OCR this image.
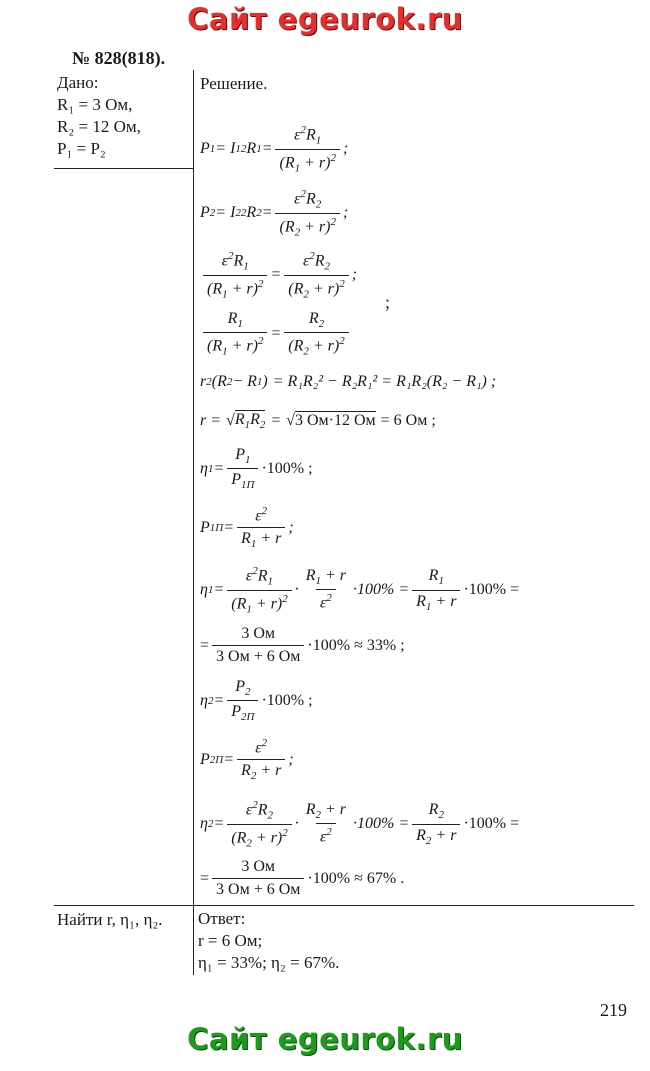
Сайт egeurok.ru
№ 828(818).
Дано:
R₁ = 3 Ом,
R₂ = 12 Ом,
P₁ = P₂
Решение.
P 1 = I 1 2 R $1 = \frac{\varepsilon^2R_1}{(R_1 + r)^2}$ ;
P 2 = I 2 2 R $2 = \frac{\varepsilon^2R_2}{(R_2 + r)^2}$ ;
$\frac{\varepsilon^2R_1}{(R_1 + r)^2} = \frac{\varepsilon^2R_2}{(R_2 + r)^2}$ ;
;
$\frac{R_1}{(R_1 + r)^2} = \frac{R_2}{(R_2 + r)^2}$
r 2 (R 2 − R 1 ) = R₁R₂² − R₂R₁² = R₁R₂(R₂ − R₁) ;
r = √ $R_1R_2$ = √ 3 Ом·12 Ом = 6 Ом ;
η $1 = \frac{P_1}{P_{1П}} \cdot 100\%$ ;
P $1П = \frac{\varepsilon^2}{R_1 + r}$ ;
η $1 = \frac{\varepsilon^2R_1}{(R_1 + r)^2} \cdot \frac{R_1 + r}{\varepsilon^2} \cdot 100\% = \frac{R_1}{R_1 + r} \cdot 100\%$ =
= $\frac{3 Ом}{3 Ом + 6 Ом} \cdot 100\% \approx 33\%$ ;
η $2 = \frac{P_2}{P_{2П}} \cdot 100\%$ ;
P $2П = \frac{\varepsilon^2}{R_2 + r}$ ;
η $2 = \frac{\varepsilon^2R_2}{(R_2 + r)^2} \cdot \frac{R_2 + r}{\varepsilon^2} \cdot 100\% = \frac{R_2}{R_2 + r} \cdot 100\%$ =
= $\frac{3 Ом}{3 Ом + 6 Ом} \cdot 100\% \approx 67\%$ .
Найти r, η₁, η₂. Ответ:
r = 6 Ом;
η₁ = 33%; η₂ = 67%.
219
Сайт egeurok.ru
